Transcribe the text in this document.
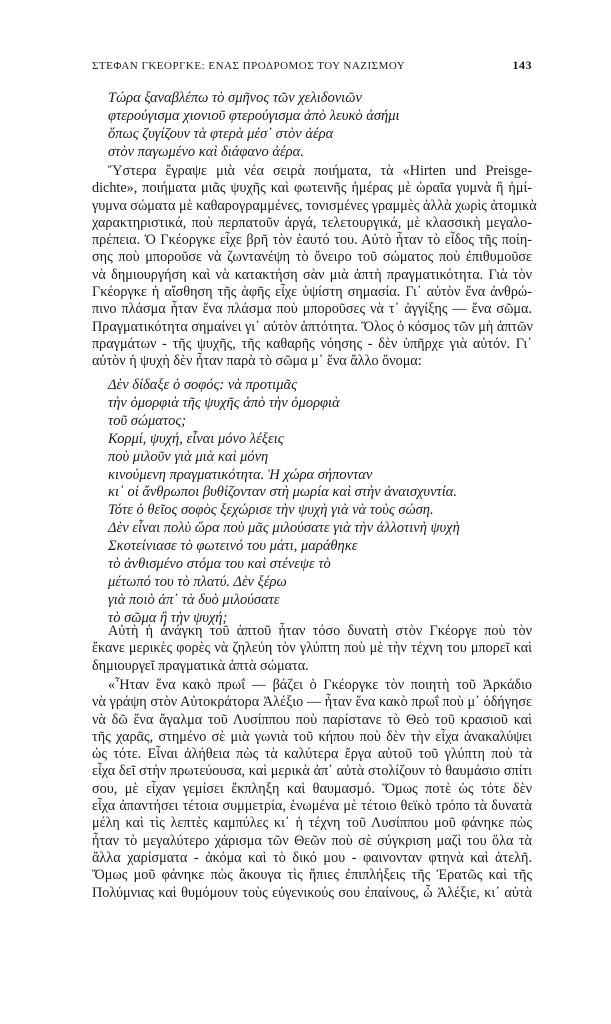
ΣΤΕΦΑΝ ΓΚΕΟΡΓΚΕ: ΕΝΑΣ ΠΡΟΔΡΟΜΟΣ ΤΟΥ ΝΑΖΙΣΜΟΥ	143
Τώρα ξαναβλέπω τὸ σμῆνος τῶν χελιδονιῶν
φτερούγισμα χιονιοῦ φτερούγισμα ἀπὸ λευκὸ ἀσήμι
ὅπως ζυγίζουν τὰ φτερὰ μέσ᾿ στὸν ἀέρα
στὸν παγωμένο καὶ διάφανο ἀέρα.
Ὕστερα ἔγραψε μιὰ νέα σειρὰ ποιήματα, τὰ «Hirten und Preisge-
dichte», ποιήματα μιᾶς ψυχῆς καὶ φωτεινῆς ἡμέρας μὲ ὡραῖα γυμνὰ ἢ ἡμί-
γυμνα σώματα μὲ καθαρογραμμένες, τονισμένες γραμμὲς ἀλλὰ χωρὶς ἀτομικὰ
χαρακτηριστικά, ποὺ περπατοῦν ἀργά, τελετουργικά, μὲ κλασσικὴ μεγαλο-
πρέπεια. Ὁ Γκέοργκε εἶχε βρῆ τὸν ἑαυτό του. Αὐτὸ ἦταν τὸ εἶδος τῆς ποίη-
σης ποὺ μποροῦσε νὰ ζωντανέψη τὸ ὄνειρο τοῦ σώματος ποὺ ἐπιθυμοῦσε
νὰ δημιουργήση καὶ νὰ κατακτήση σὰν μιὰ ἁπτὴ πραγματικότητα. Γιὰ τὸν
Γκέοργκε ἡ αἴσθηση τῆς ἁφῆς εἶχε ὑψίστη σημασία. Γι᾿ αὐτὸν ἕνα ἀνθρώ-
πινο πλάσμα ἦταν ἕνα πλάσμα ποὺ μποροῦσες νὰ τ᾿ ἀγγίξης — ἕνα σῶμα.
Πραγματικότητα σημαίνει γι᾿ αὐτὸν ἁπτότητα. Ὅλος ὁ κόσμος τῶν μὴ ἁπτῶν
πραγμάτων - τῆς ψυχῆς, τῆς καθαρῆς νόησης - δὲν ὑπῆρχε γιὰ αὐτόν. Γι᾿
αὐτὸν ἡ ψυχὴ δὲν ἦταν παρὰ τὸ σῶμα μ᾿ ἕνα ἄλλο ὄνομα:
Δὲν δίδαξε ὁ σοφός: νὰ προτιμᾶς
τὴν ὀμορφιὰ τῆς ψυχῆς ἀπὸ τὴν ὀμορφιὰ
τοῦ σώματος;
Κορμί, ψυχή, εἶναι μόνο λέξεις
ποὺ μιλοῦν γιὰ μιὰ καὶ μόνη
κινούμενη πραγματικότητα. Ἡ χώρα σήπονταν
κι᾿ οἱ ἄνθρωποι βυθίζονταν στὴ μωρία καὶ στὴν ἀναισχυντία.
Τότε ὁ θεῖος σοφὸς ξεχώρισε τὴν ψυχὴ γιὰ νὰ τοὺς σώση.
Δὲν εἶναι πολὺ ὥρα ποὺ μᾶς μιλούσατε γιὰ τὴν ἀλλοτινὴ ψυχὴ
Σκοτείνιασε τὸ φωτεινό του μάτι, μαράθηκε
τὸ ἀνθισμένο στόμα του καὶ στένεψε τὸ
μέτωπό του τὸ πλατύ. Δὲν ξέρω
γιὰ ποιὸ ἀπ᾿ τὰ δυὸ μιλούσατε
τὸ σῶμα ἢ τὴν ψυχή;
Αὐτὴ ἡ ἀνάγκη τοῦ ἁπτοῦ ἦταν τόσο δυνατὴ στὸν Γκέοργε ποὺ τὸν
ἔκανε μερικὲς φορὲς νὰ ζηλεύη τὸν γλύπτη ποὺ μὲ τὴν τέχνη του μπορεῖ καὶ
δημιουργεῖ πραγματικὰ ἁπτὰ σώματα.
«Ἦταν ἕνα κακὸ πρωΐ — βάζει ὁ Γκέοργκε τὸν ποιητὴ τοῦ Ἀρκάδιο
νὰ γράψη στὸν Αὐτοκράτορα Ἀλέξιο — ἦταν ἕνα κακὸ πρωΐ ποὺ μ᾿ ὁδήγησε
νὰ δῶ ἕνα ἄγαλμα τοῦ Λυσίππου ποὺ παρίστανε τὸ Θεὸ τοῦ κρασιοῦ καὶ
τῆς χαρᾶς, στημένο σὲ μιὰ γωνιὰ τοῦ κήπου ποὺ δὲν τὴν εἶχα ἀνακαλύψει
ὡς τότε. Εἶναι ἀλήθεια πὼς τὰ καλύτερα ἔργα αὐτοῦ τοῦ γλύπτη ποὺ τὰ
εἶχα δεῖ στὴν πρωτεύουσα, καὶ μερικὰ ἀπ᾿ αὐτὰ στολίζουν τὸ θαυμάσιο σπίτι
σου, μὲ εἶχαν γεμίσει ἔκπληξη καὶ θαυμασμό. Ὅμως ποτὲ ὡς τότε δὲν
εἶχα ἀπαντήσει τέτοια συμμετρία, ἑνωμένα μὲ τέτοιο θεϊκὸ τρόπο τὰ δυνατὰ
μέλη καὶ τὶς λεπτὲς καμπύλες κι᾿ ἡ τέχνη τοῦ Λυσίππου μοῦ φάνηκε πὼς
ἦταν τὸ μεγαλύτερο χάρισμα τῶν Θεῶν ποὺ σὲ σύγκριση μαζὶ του ὅλα τὰ
ἄλλα χαρίσματα - ἀκόμα καὶ τὸ δικό μου - φαινονταν φτηνὰ καὶ ἀτελῆ.
Ὅμως μοῦ φάνηκε πὼς ἄκουγα τὶς ἤπιες ἐπιπλήξεις τῆς Ἐρατῶς καὶ τῆς
Πολύμνιας καὶ θυμόμουν τοὺς εὐγενικούς σου ἐπαίνους, ὦ Ἀλέξιε, κι᾿ αὐτὰ
